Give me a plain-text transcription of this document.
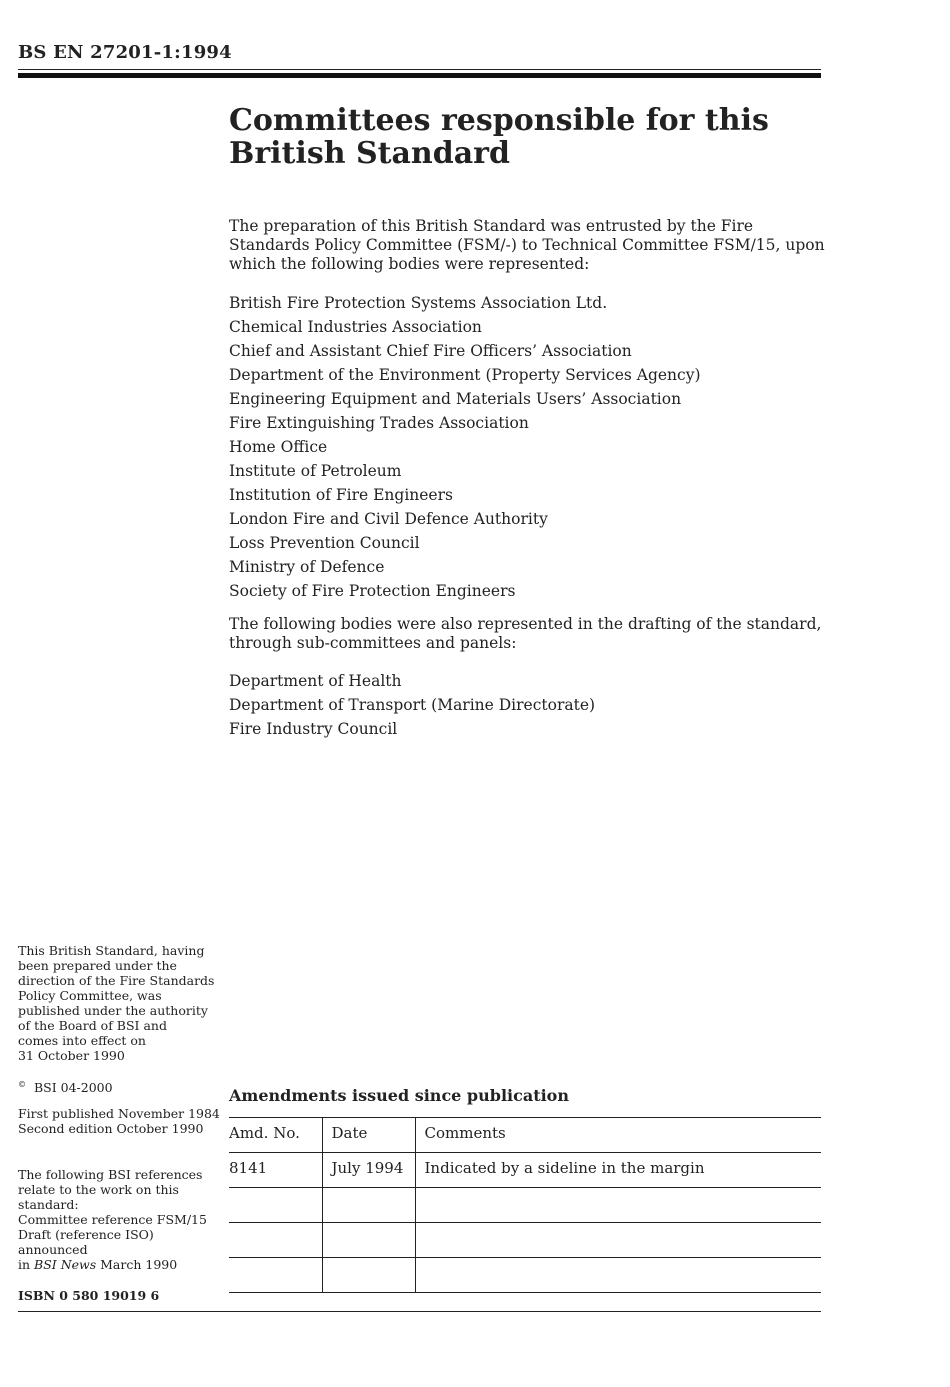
BS EN 27201-1:1994
Committees responsible for this
British Standard

The preparation of this British Standard was entrusted by the Fire Standards Policy Committee (FSM/-) to Technical Committee FSM/15, upon which the following bodies were represented:

British Fire Protection Systems Association Ltd.
Chemical Industries Association
Chief and Assistant Chief Fire Officers’ Association
Department of the Environment (Property Services Agency)
Engineering Equipment and Materials Users’ Association
Fire Extinguishing Trades Association
Home Office
Institute of Petroleum
Institution of Fire Engineers
London Fire and Civil Defence Authority
Loss Prevention Council
Ministry of Defence
Society of Fire Protection Engineers

The following bodies were also represented in the drafting of the standard, through sub-committees and panels:

Department of Health
Department of Transport (Marine Directorate)
Fire Industry Council

This British Standard, having

been prepared under the

direction of the Fire Standards

Policy Committee, was

published under the authority

of the Board of BSI and

comes into effect on

31 October 1990

© BSI 04-2000

First published November 1984

Second edition October 1990

The following BSI references

relate to the work on this

standard:

Committee reference FSM/15

Draft (reference ISO) announced

in BSI News March 1990

ISBN 0 580 19019 6
Amendments issued since publication
Amd. No.	Date	Comments
8141	July 1994	Indicated by a sideline in the margin
